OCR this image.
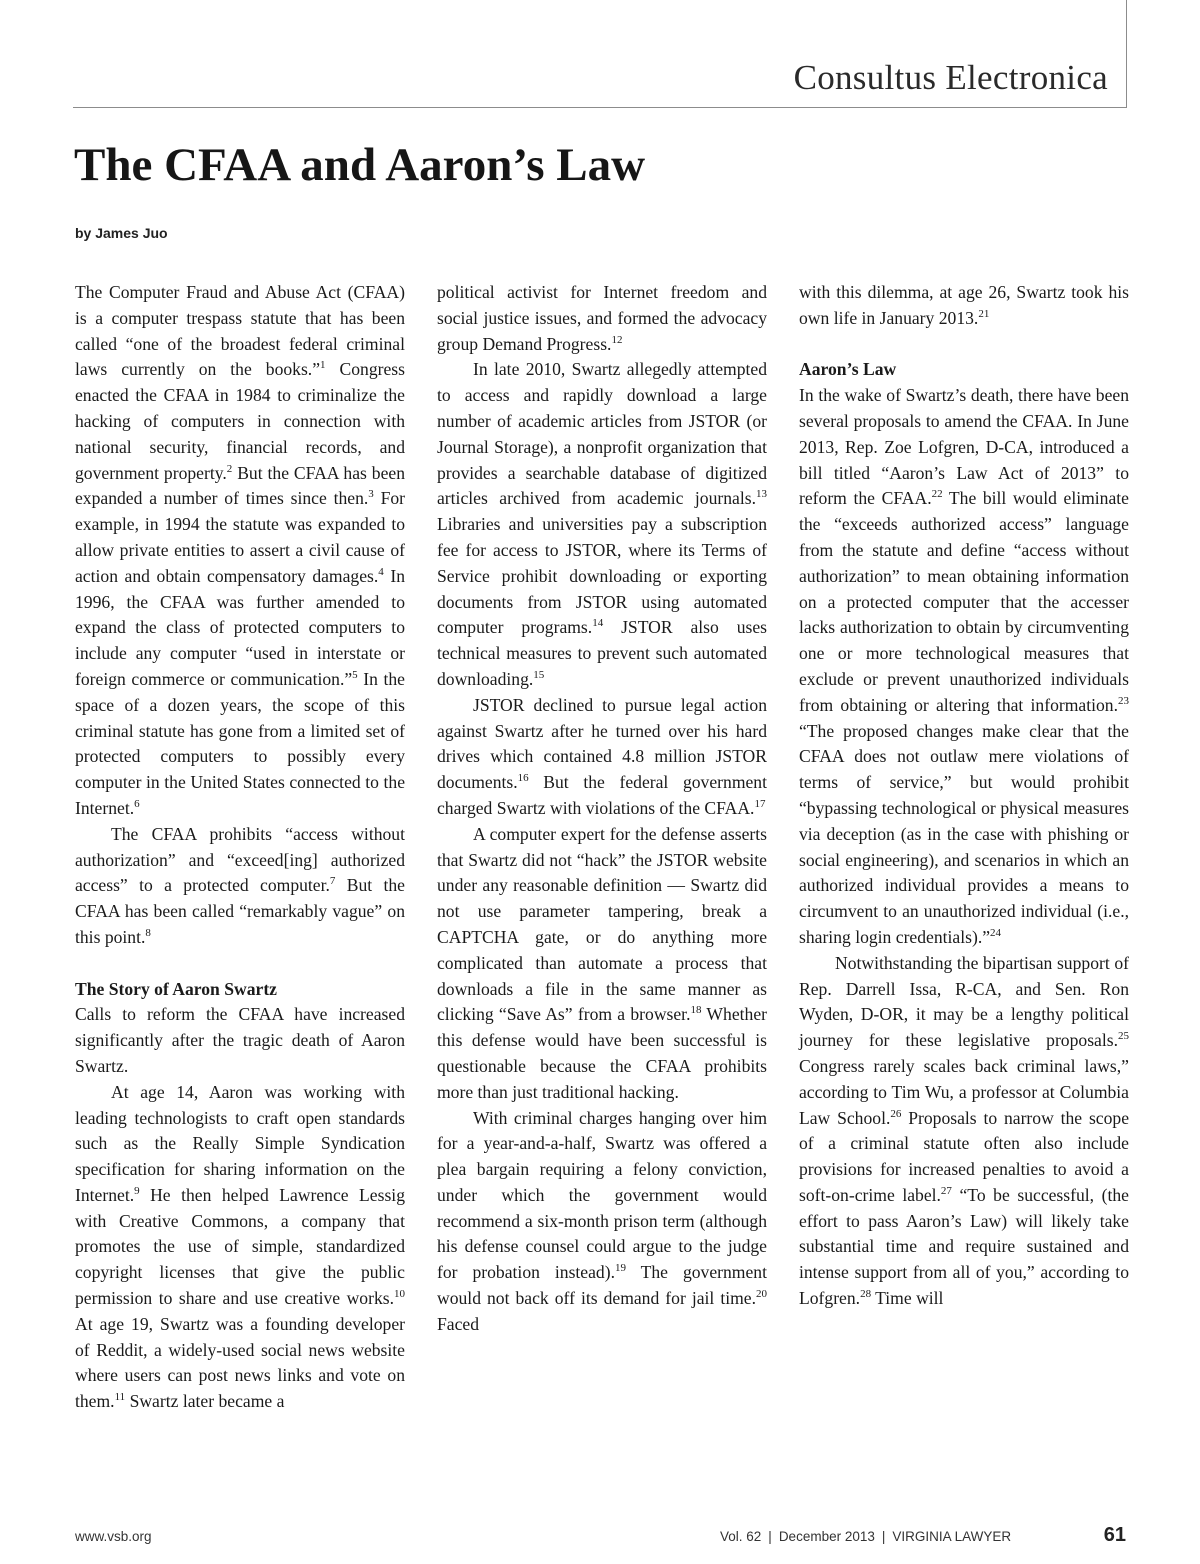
Consultus Electronica
The CFAA and Aaron’s Law
by James Juo

The Computer Fraud and Abuse Act (CFAA) is a computer trespass statute that has been called “one of the broadest federal criminal laws currently on the books.”$^1$ Congress enacted the CFAA in 1984 to criminalize the hacking of computers in connection with national security, financial records, and government property.$^2$ But the CFAA has been expanded a number of times since then.$^3$ For example, in 1994 the statute was expanded to allow private entities to assert a civil cause of action and obtain compensatory damages.$^4$ In 1996, the CFAA was further amended to expand the class of protected computers to include any computer “used in interstate or foreign commerce or communication.”$^5$ In the space of a dozen years, the scope of this criminal statute has gone from a limited set of protected computers to possibly every computer in the United States connected to the Internet.$^6$

The CFAA prohibits “access without authorization” and “exceed[ing] authorized access” to a protected computer.$^7$ But the CFAA has been called “remarkably vague” on this point.$^8$

The Story of Aaron Swartz

Calls to reform the CFAA have increased significantly after the tragic death of Aaron Swartz.

At age 14, Aaron was working with leading technologists to craft open standards such as the Really Simple Syndication specification for sharing information on the Internet.$^9$ He then helped Lawrence Lessig with Creative Commons, a company that promotes the use of simple, standardized copyright licenses that give the public permission to share and use creative works.$^{10}$ At age 19, Swartz was a founding developer of Reddit, a widely-used social news website where users can post news links and vote on them.$^{11}$ Swartz later became a

political activist for Internet freedom and social justice issues, and formed the advocacy group Demand Progress.$^{12}$

In late 2010, Swartz allegedly attempted to access and rapidly download a large number of academic articles from JSTOR (or Journal Storage), a nonprofit organization that provides a searchable database of digitized articles archived from academic journals.$^{13}$ Libraries and universities pay a subscription fee for access to JSTOR, where its Terms of Service prohibit downloading or exporting documents from JSTOR using automated computer programs.$^{14}$ JSTOR also uses technical measures to prevent such automated downloading.$^{15}$

JSTOR declined to pursue legal action against Swartz after he turned over his hard drives which contained 4.8 million JSTOR documents.$^{16}$ But the federal government charged Swartz with violations of the CFAA.$^{17}$

A computer expert for the defense asserts that Swartz did not “hack” the JSTOR website under any reasonable definition — Swartz did not use parameter tampering, break a CAPTCHA gate, or do anything more complicated than automate a process that downloads a file in the same manner as clicking “Save As” from a browser.$^{18}$ Whether this defense would have been successful is questionable because the CFAA prohibits more than just traditional hacking.

With criminal charges hanging over him for a year-and-a-half, Swartz was offered a plea bargain requiring a felony conviction, under which the government would recommend a six-month prison term (although his defense counsel could argue to the judge for probation instead).$^{19}$ The government would not back off its demand for jail time.$^{20}$ Faced

with this dilemma, at age 26, Swartz took his own life in January 2013.21

Aaron’s Law

In the wake of Swartz’s death, there have been several proposals to amend the CFAA. In June 2013, Rep. Zoe Lofgren, D-CA, introduced a bill titled “Aaron’s Law Act of 2013” to reform the CFAA.$^{22}$ The bill would eliminate the “exceeds authorized access” language from the statute and define “access without authorization” to mean obtaining information on a protected computer that the accesser lacks authorization to obtain by circumventing one or more technological measures that exclude or prevent unauthorized individuals from obtaining or altering that information.$^{23}$ “The proposed changes make clear that the CFAA does not outlaw mere violations of terms of service,” but would prohibit “bypassing technological or physical measures via deception (as in the case with phishing or social engineering), and scenarios in which an authorized individual provides a means to circumvent to an unauthorized individual (i.e., sharing login credentials).”$^{24}$

Notwithstanding the bipartisan support of Rep. Darrell Issa, R-CA, and Sen. Ron Wyden, D-OR, it may be a lengthy political journey for these legislative proposals.$^{25}$ Congress rarely scales back criminal laws,” according to Tim Wu, a professor at Columbia Law School.$^{26}$ Proposals to narrow the scope of a criminal statute often also include provisions for increased penalties to avoid a soft-on-crime label.$^{27}$ “To be successful, (the effort to pass Aaron’s Law) will likely take substantial time and require sustained and intense support from all of you,” according to Lofgren.$^{28}$ Time will

www.vsb.org	Vol. 62 | December 2013 | VIRGINIA LAWYER	61
